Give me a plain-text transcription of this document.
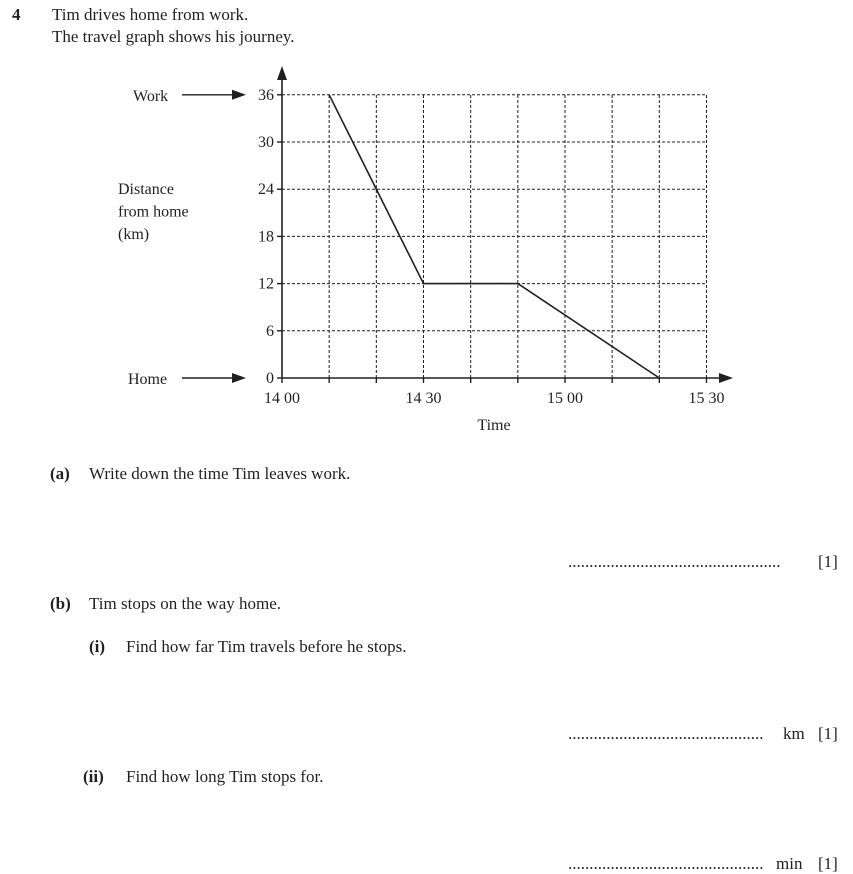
4 Tim drives home from work.
The travel graph shows his journey.
0
6
12
18
24
30
36
14 00	14 30	15 00	15 30
Time
Distance
from home
(km)
Work
Home
(a) Write down the time Tim leaves work.
..................................................	[1]
(b) Tim stops on the way home.
(i) Find how far Tim travels before he stops.
..............................................	km [1]
(ii) Find how long Tim stops for.
.............................................. min [1]
